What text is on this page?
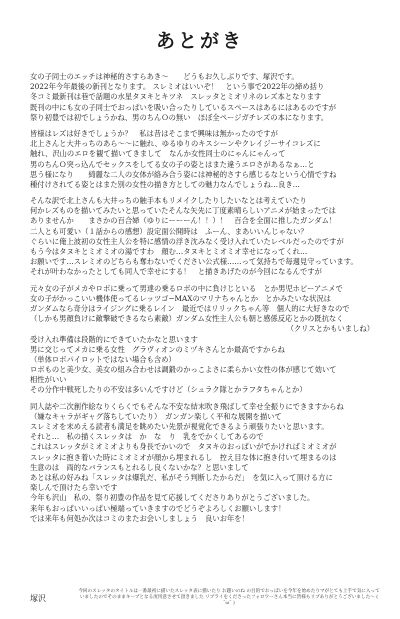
あとがき
女の子同士のエッチは神秘的さすらあき～　　どうもお久しぶりです、塚沢です。
2022年今年最後の新刊となります。 スレミオはいいぞ！　という事で2022年の締め括り
冬コミ最新刊は巷で話題の水星タヌキとキツネ　スレッタとミオリネのレズ本となります
既刊の中にも女の子同士でおっぱいを吸い合ったりしているスペースはあるにはあるのですが
祭り初豊では初でしょうかね、男のちんＯの無い　ほぼ全ページガチレズの本になります。
皆様はレズは好きでしょうか？　私は昔はそこまで興味は無かったのですが
北上さんと大井っちのあら～～に触れ、ゆるゆりのキスシーンやクレイジーサイコレズに
触れ、沢山のエロを観て描いてきまして　なんか女性同士のにゃんにゃんって
男のちんＯ突っ込んでセックスをしてる女の子の姿とはまた違うエロさがあるなぁ…と
思う様になり　　綺麗な二人の女体が絡み合う姿には神秘的さすら感じるなという心情ですね
種付けされてる姿とはまた別の女性の描き方としての魅力なんでしょうね…良き…
そんな訳で北上さんも大井っちの触手本もリメイクしたりしたいなとは考えていたり
何かレズものを描いてみたいと思っていたそんな矢先に丁度素晴らしいアニメが始まったでは
ありませんか　　まさかの百合婦（ゆりにーーーん！！）！　百合を全面に推したガンダム！
二人とも可愛い（１話からの感想）設定面公開時は　ふーん、まあいいんじゃない？
ぐらいに俺上波初の女性主人公を特に感情の浮き沈みなく受け入れていたレベルだったのですが
もう今はタヌキとミオミオの湯ですわ　顔む…タヌキとミオミオ幸せになってくれ…
お願いです…スレミオのどちらも奪わないでください公式様……って気持ちで毎週見守っています。
それが叶わなかったとしても同人で幸せにする！　と描きあげたのが今回になるんですが
元々女の子がメカやロボに乗って男達の乗るロボの中に負けじといる　とか男児ホビーアニメで
女の子がかっこいい機体使ってるレッツゴ−MAXのマリナちゃんとか　とかみたいな状況は
ガンダムなら奇分はライジングに乗るレイン　最近ではリリックちゃん等　個人的に大好きなので
（しかも男顔負けに敵撃破できるなら素敵）ガンダム女性主人公も朝と感係反応とかの既抗なく
（クリスとかもいましね）
受け入れ準備は段階的にできていたかなと思います
男に交じってメカに乗る女性　グラヴィオンのミヅキさんとか最高ですからね
（単体ロボパイロットではない場合も含め）
ロボものと美少女、美女の組み合わせは調鍛のかっこよさに柔らかい女性の体が感じて効いて
相性がいい
その分作中戦死したりの不安は多いんですけど（シュラク隊とかラフタちゃんとか）
同人誌や二次創作絵なりくらくでもそんな不安な結末吹き飛ばして幸せ全振りにできますからね
（嫌なキャラがギャグ落ちしていたり）　ガンガン楽しく平和な展開を描いて
スレミオを末めえる読者も満足を眺めたい先景が視覚化できるよう頑張りたいと思います。
それと…　私の描くスレッタは　か　な　り　乳をでかくしてあるので
これはスレッタがミオミオよりも身長でかいので　タヌキのおっぱいがでかければミオミオが
スレッタに抱き着いた時にミオミオが顔から埋まれるし　控え目な体に抱き付いて埋まるのは
生意のは　両的なバランスもとれるし良くないかな？と思いまして
あとは私の好みね「スレッタは爆乳だ、私がそう判断したからだ」　を気に入って頂ける方に
楽しんで頂けたら幸いです
今年も沢山　私の、祭り初豊の作品を見て応援してくださりありがとうございました。
来年もおっぱいいっぱい極端っていきますのでどうぞよろしくお願いします！
では来年も何処か次はコミのまたお会いしましょう　良いお年を！
塚沢
今回のスレッタのタイトルは一番最初に描いたスレッタ表に描いたり お題いのね の目的でおっぱいを今年を始めたりマがとても上手で気に入っていましたのでそのままキープとなる度用意させて頂きました リプライをくださったフォロワーさん本当に皆様もリプありがとうございました～ ( ˘ω˘ )
